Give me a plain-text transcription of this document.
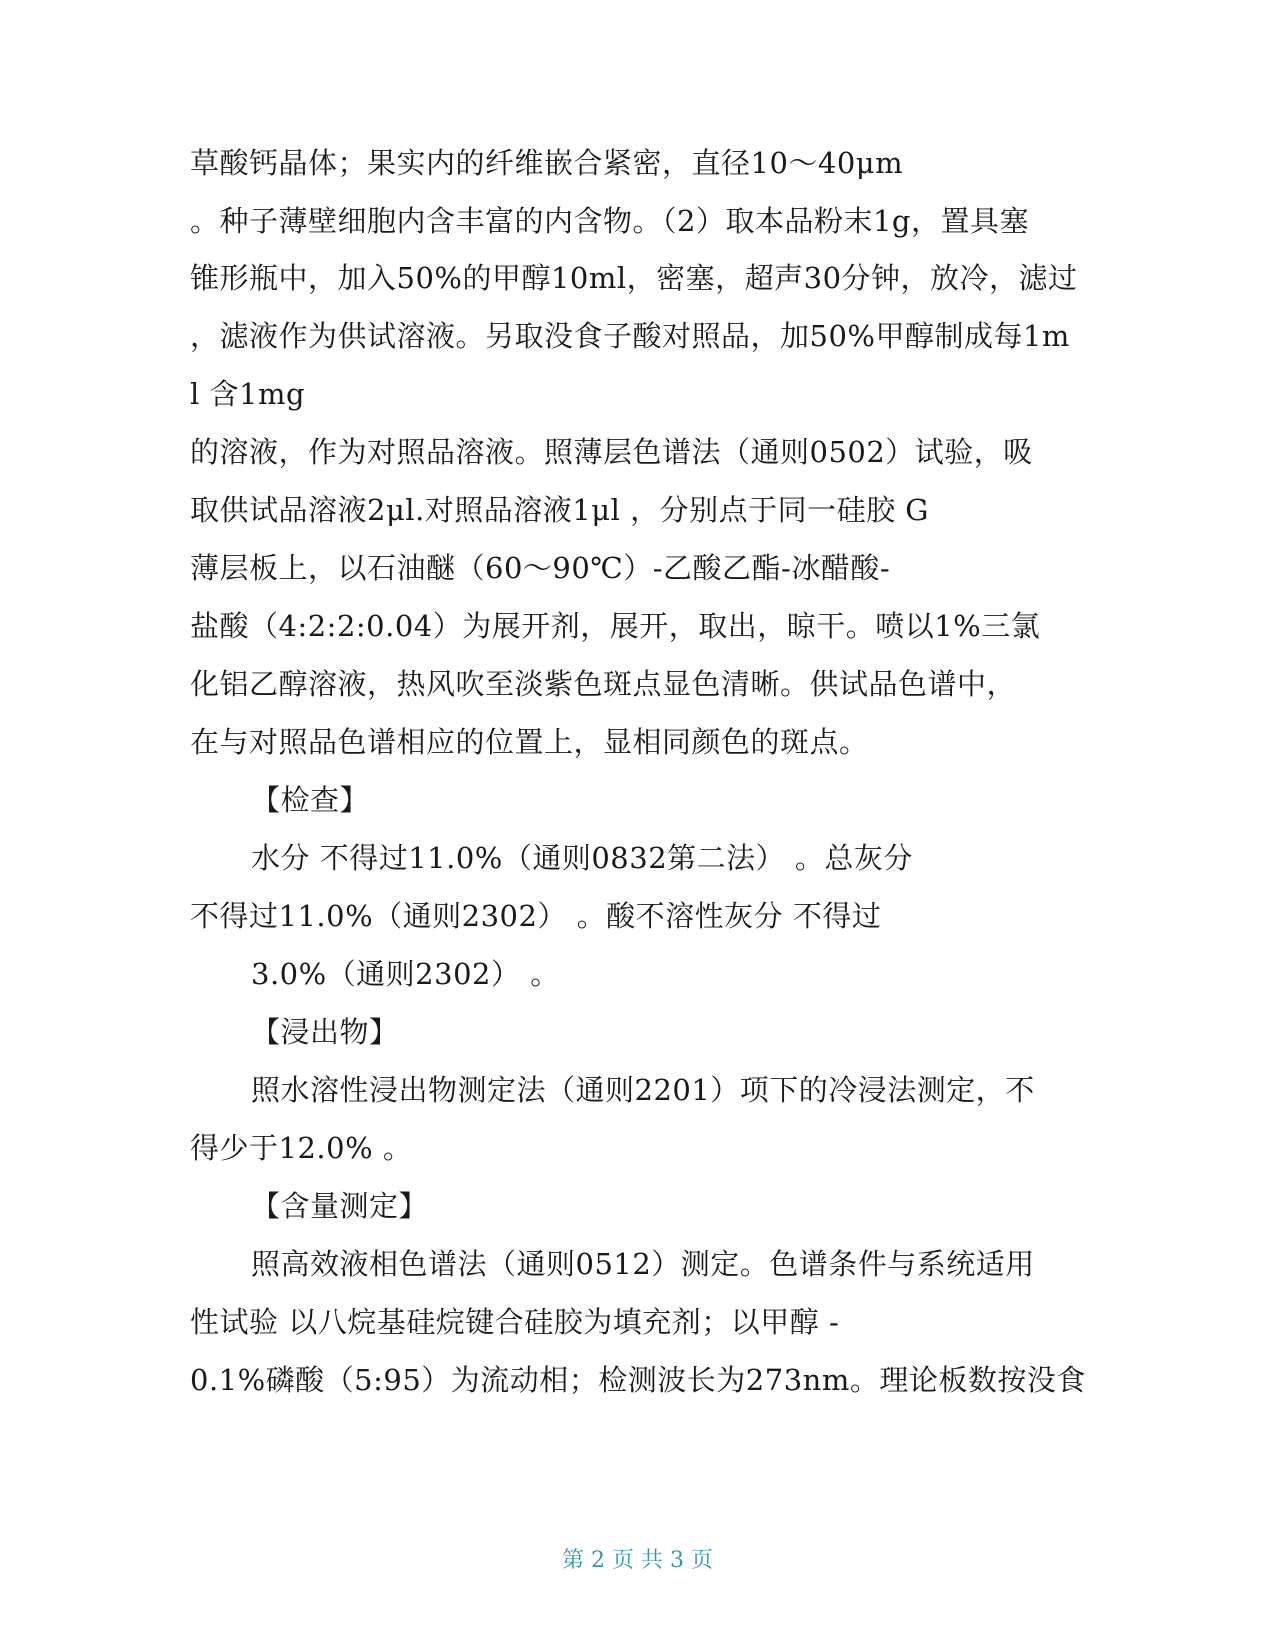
草酸钙晶体；果实内的纤维嵌合紧密，直径10～40μm
。种子薄壁细胞内含丰富的内含物。（2）取本品粉末1g，置具塞
锥形瓶中，加入50%的甲醇10ml，密塞，超声30分钟，放冷，滤过
，滤液作为供试溶液。另取没食子酸对照品，加50%甲醇制成每1m
l 含1mg
的溶液，作为对照品溶液。照薄层色谱法（通则0502）试验，吸
取供试品溶液2μl.对照品溶液1μl ，分别点于同一硅胶 G
薄层板上，以石油醚（60～90℃）-乙酸乙酯-冰醋酸-
盐酸（4:2:2:0.04）为展开剂，展开，取出，晾干。喷以1%三氯
化铝乙醇溶液，热风吹至淡紫色斑点显色清晰。供试品色谱中，
在与对照品色谱相应的位置上，显相同颜色的斑点。
【检查】
水分 不得过11.0%（通则0832第二法） 。总灰分
不得过11.0%（通则2302） 。酸不溶性灰分 不得过
3.0%（通则2302） 。
【浸出物】
照水溶性浸出物测定法（通则2201）项下的冷浸法测定，不
得少于12.0% 。
【含量测定】
照高效液相色谱法（通则0512）测定。色谱条件与系统适用
性试验 以八烷基硅烷键合硅胶为填充剂；以甲醇 -
0.1%磷酸（5:95）为流动相；检测波长为273nm。理论板数按没食
第 2 页 共 3 页
